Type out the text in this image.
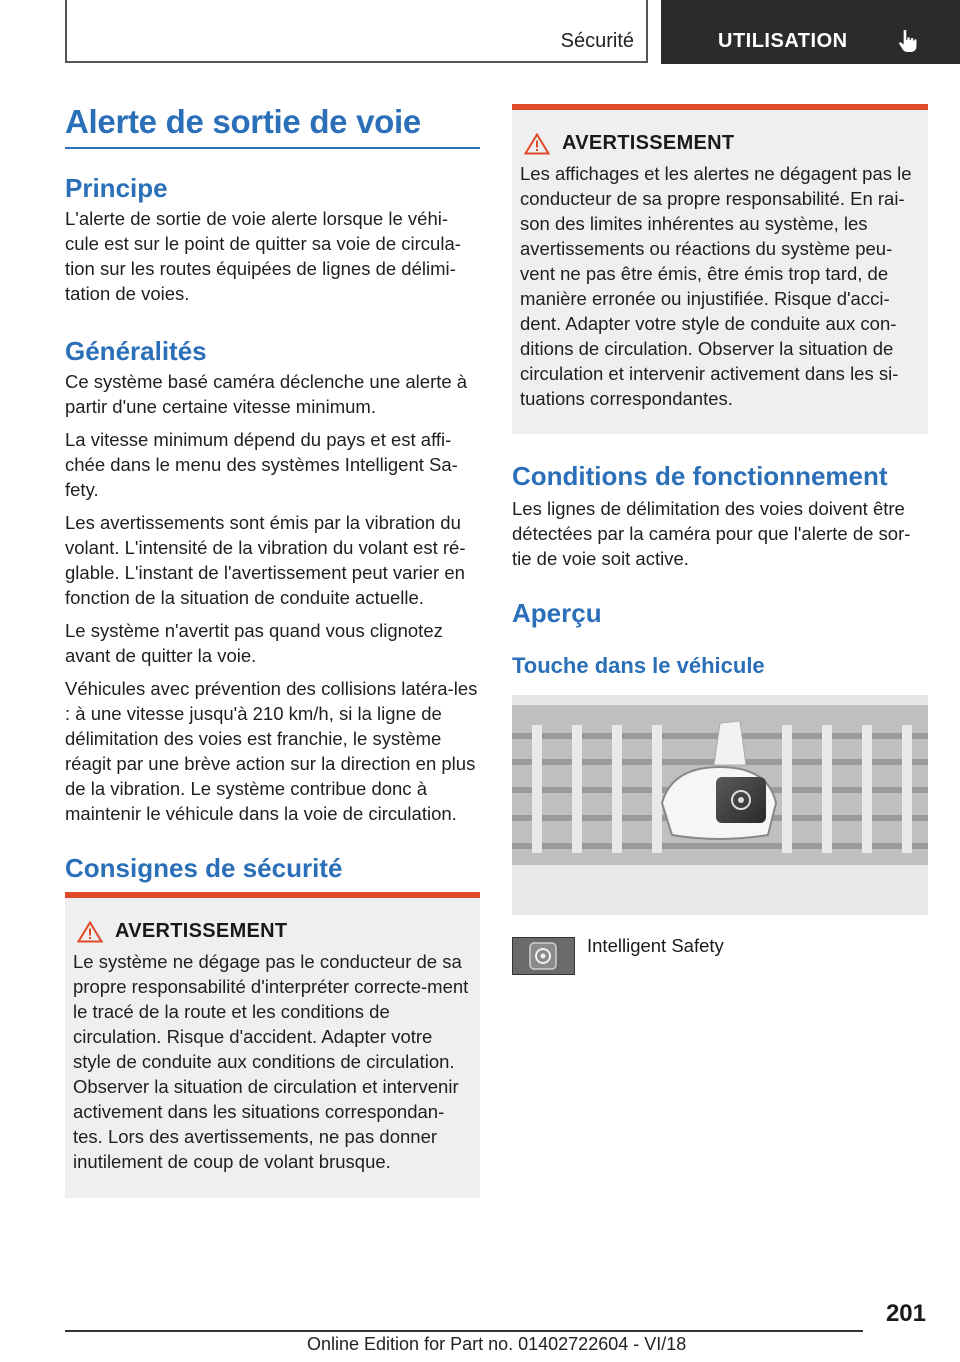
Sécurité	UTILISATION
Alerte de sortie de voie
Principe

L'alerte de sortie de voie alerte lorsque le véhi-cule est sur le point de quitter sa voie de circula-tion sur les routes équipées de lignes de délimi-tation de voies.

Généralités

Ce système basé caméra déclenche une alerte à partir d'une certaine vitesse minimum.

La vitesse minimum dépend du pays et est affi-chée dans le menu des systèmes Intelligent Sa-fety.

Les avertissements sont émis par la vibration du volant. L'intensité de la vibration du volant est ré-glable. L'instant de l'avertissement peut varier en fonction de la situation de conduite actuelle.

Le système n'avertit pas quand vous clignotez avant de quitter la voie.

Véhicules avec prévention des collisions latéra-les : à une vitesse jusqu'à 210 km/h, si la ligne de délimitation des voies est franchie, le système réagit par une brève action sur la direction en plus de la vibration. Le système contribue donc à maintenir le véhicule dans la voie de circulation.

Consignes de sécurité
AVERTISSEMENT

Le système ne dégage pas le conducteur de sa propre responsabilité d'interpréter correcte-ment le tracé de la route et les conditions de circulation. Risque d'accident. Adapter votre style de conduite aux conditions de circulation. Observer la situation de circulation et intervenir activement dans les situations correspondan-tes. Lors des avertissements, ne pas donner inutilement de coup de volant brusque.

AVERTISSEMENT

Les affichages et les alertes ne dégagent pas le conducteur de sa propre responsabilité. En rai-son des limites inhérentes au système, les avertissements ou réactions du système peu-vent ne pas être émis, être émis trop tard, de manière erronée ou injustifiée. Risque d'acci-dent. Adapter votre style de conduite aux con-ditions de circulation. Observer la situation de circulation et intervenir activement dans les si-tuations correspondantes.

Conditions de fonctionnement

Les lignes de délimitation des voies doivent être détectées par la caméra pour que l'alerte de sor-tie de voie soit active.

Aperçu
Touche dans le véhicule
Intelligent Safety
201
Online Edition for Part no. 01402722604 - VI/18
